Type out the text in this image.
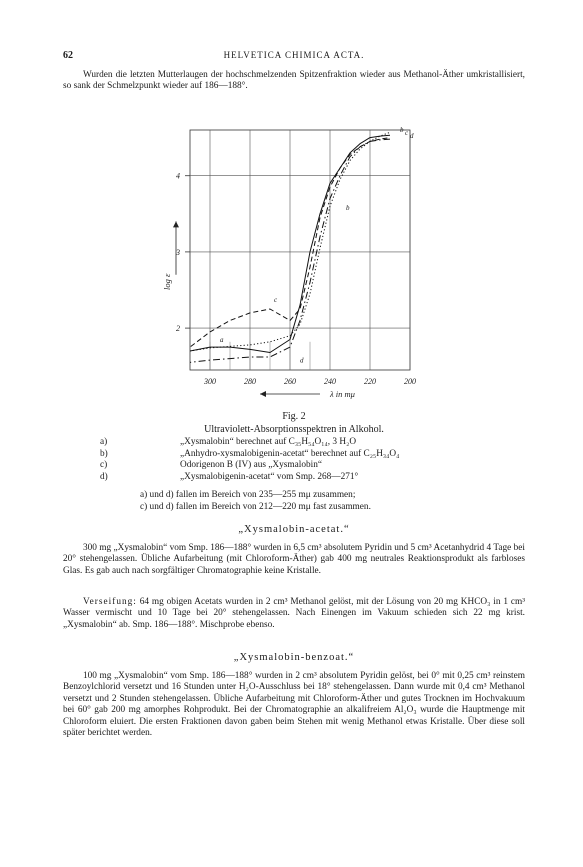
62	HELVETICA CHIMICA ACTA.

Wurden die letzten Mutterlaugen der hochschmelzenden Spitzenfraktion wieder aus Methanol-Äther umkristallisiert, so sank der Schmelzpunkt wieder auf 186—188°.

2
3
4
300	280	260	240	220	200
λ in mμ
log ε
a
b
c
d
b c d
Fig. 2
Ultraviolett-Absorptionsspektren in Alkohol.
a)	„Xysmalobin“ berechnet auf C₃₅H₅₄O₁₄, 3 H₂O
b)	„Anhydro-xysmalobigenin-acetat“ berechnet auf C₂₅H₃₄O₄
c)	Odorigenon B (IV) aus „Xysmalobin“
d)	„Xysmalobigenin-acetat“ vom Smp. 268—271°
a) und d) fallen im Bereich von 235—255 mμ zusammen;
c) und d) fallen im Bereich von 212—220 mμ fast zusammen.
„Xysmalobin-acetat.“

300 mg „Xysmalobin“ vom Smp. 186—188° wurden in 6,5 cm³ absolutem Pyridin und 5 cm³ Acetanhydrid 4 Tage bei 20° stehengelassen. Übliche Aufarbeitung (mit Chloroform-Äther) gab 400 mg neutrales Reaktionsprodukt als farbloses Glas. Es gab auch nach sorgfältiger Chromatographie keine Kristalle.

Verseifung: 64 mg obigen Acetats wurden in 2 cm³ Methanol gelöst, mit der Lösung von 20 mg KHCO₃ in 1 cm³ Wasser vermischt und 10 Tage bei 20° stehengelassen. Nach Einengen im Vakuum schieden sich 22 mg krist. „Xysmalobin“ ab. Smp. 186—188°. Mischprobe ebenso.

„Xysmalobin-benzoat.“

100 mg „Xysmalobin“ vom Smp. 186—188° wurden in 2 cm³ absolutem Pyridin gelöst, bei 0° mit 0,25 cm³ reinstem Benzoylchlorid versetzt und 16 Stunden unter H₂O-Ausschluss bei 18° stehengelassen. Dann wurde mit 0,4 cm³ Methanol versetzt und 2 Stunden stehengelassen. Übliche Aufarbeitung mit Chloroform-Äther und gutes Trocknen im Hochvakuum bei 60° gab 200 mg amorphes Rohprodukt. Bei der Chromatographie an alkalifreiem Al₂O₃ wurde die Hauptmenge mit Chloroform eluiert. Die ersten Fraktionen davon gaben beim Stehen mit wenig Methanol etwas Kristalle. Über diese soll später berichtet werden.
